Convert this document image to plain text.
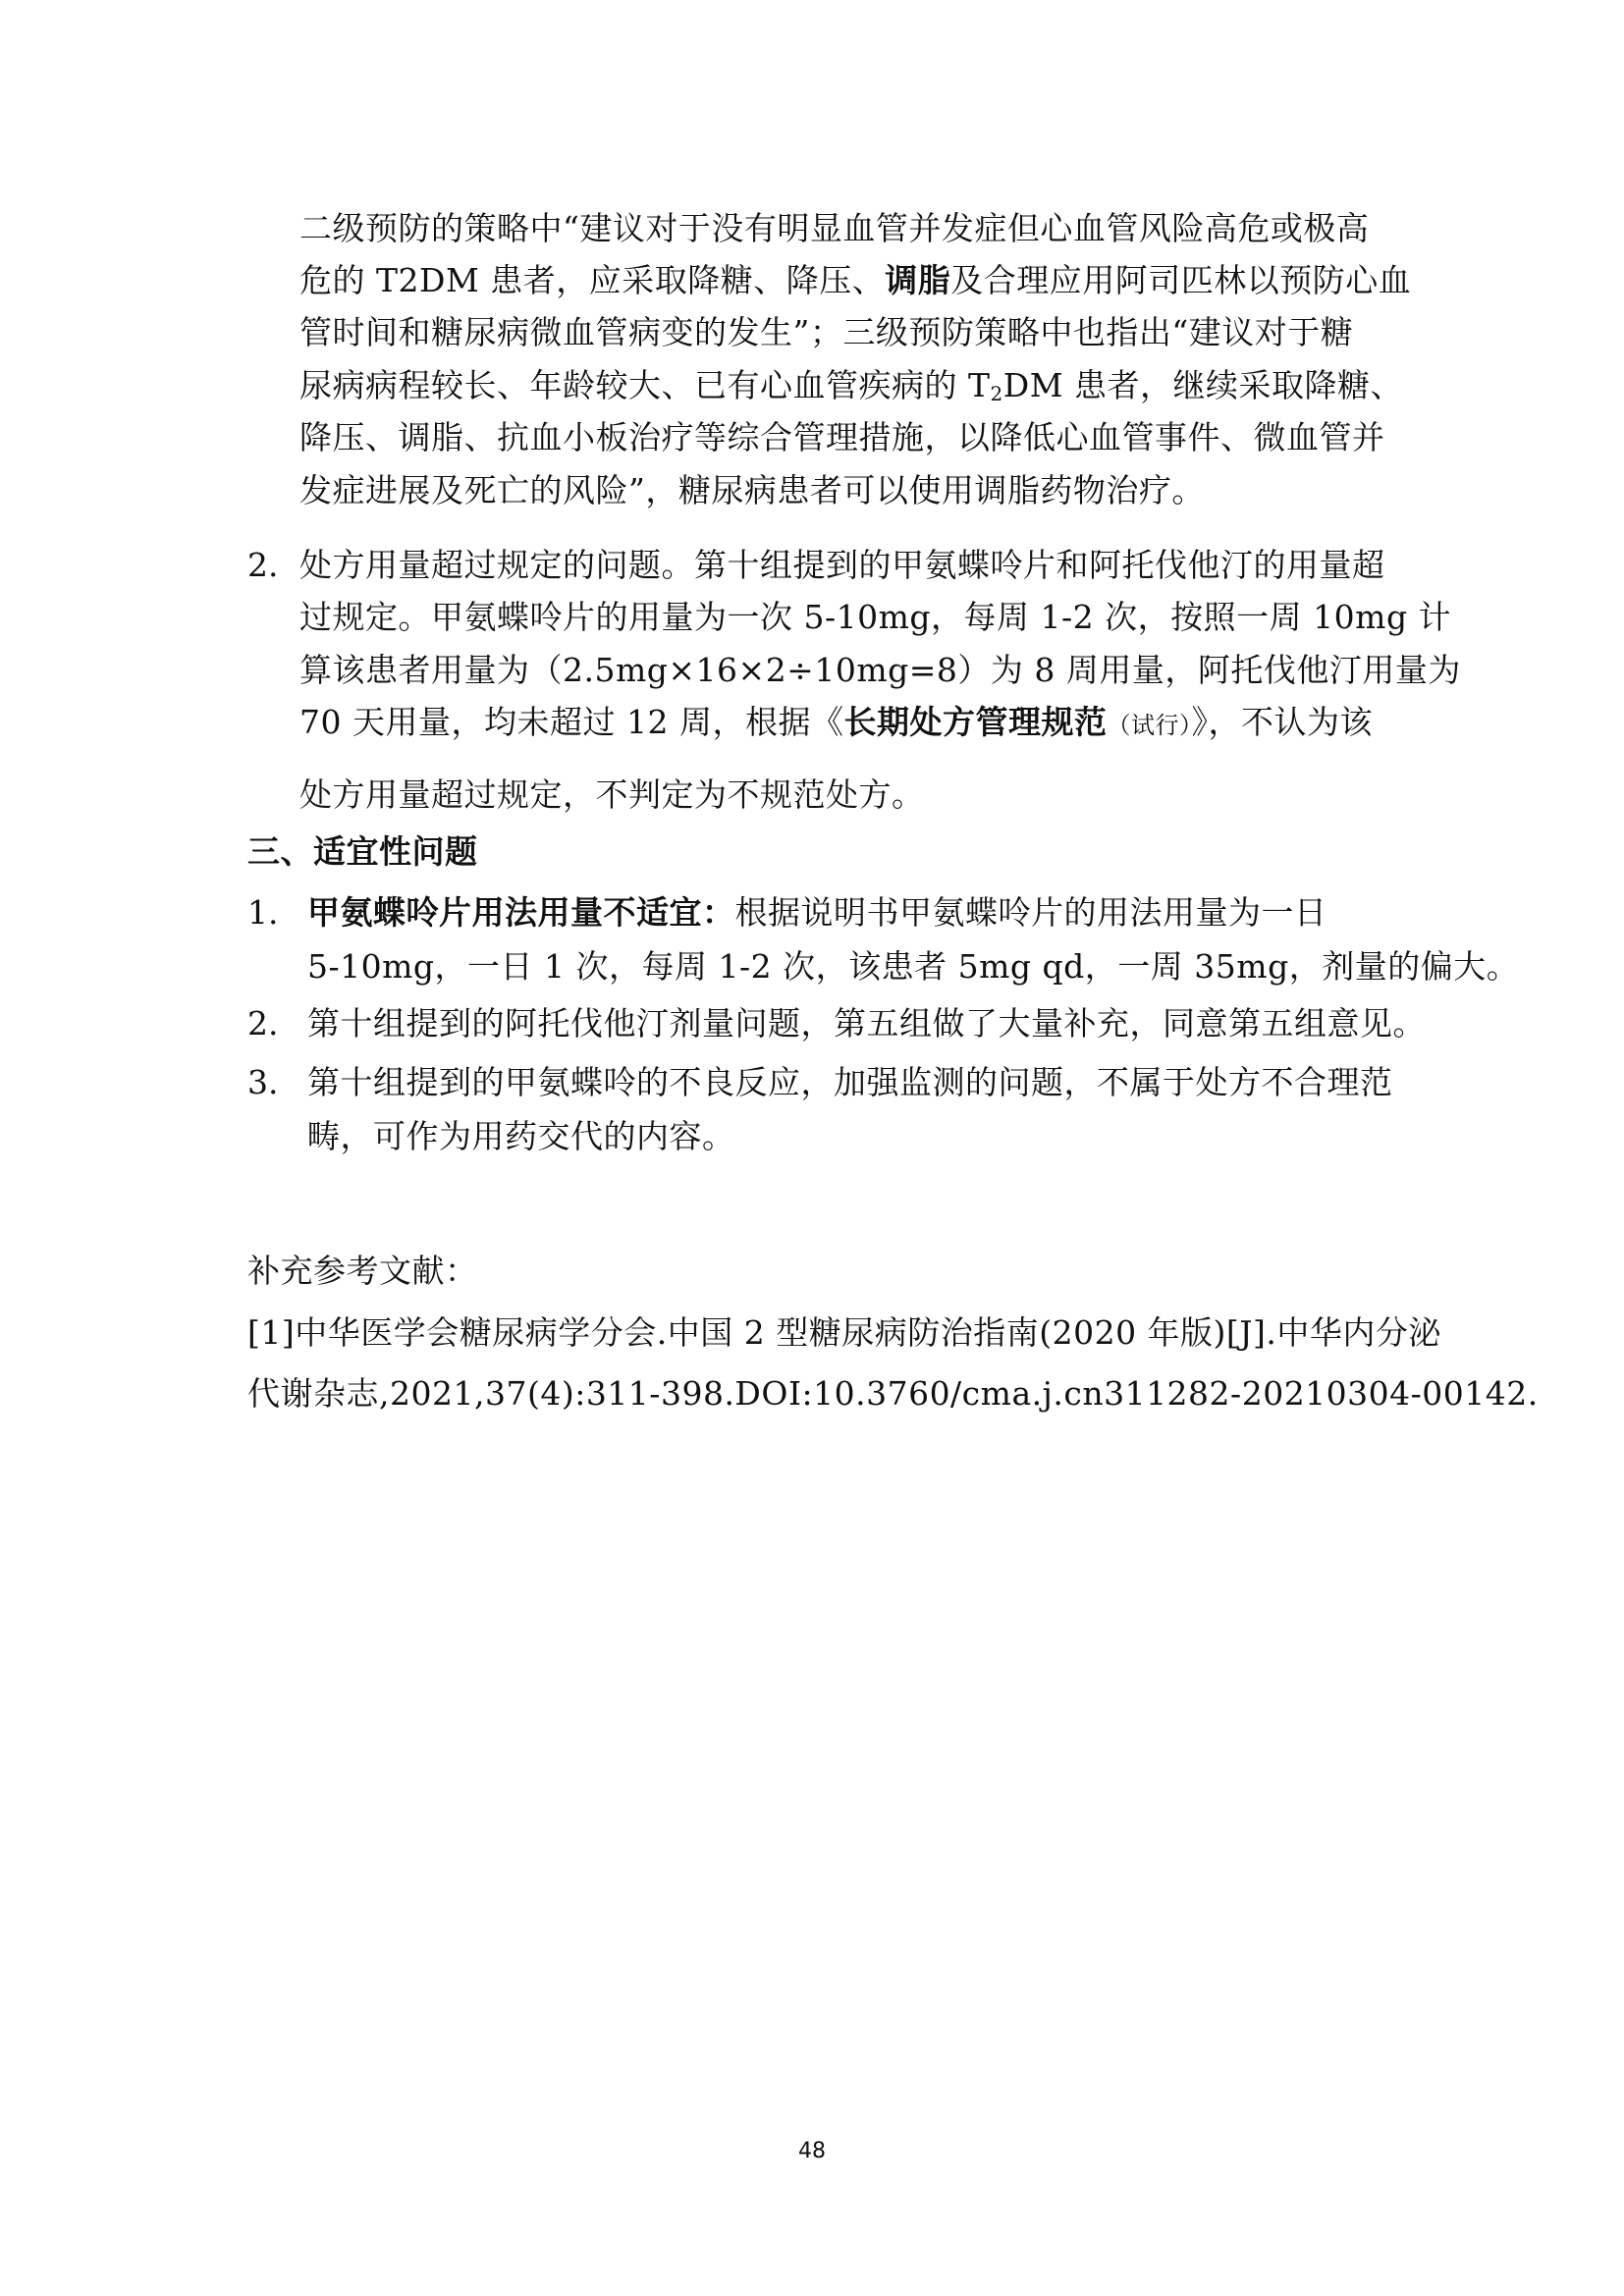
二级预防的策略中“建议对于没有明显血管并发症但心血管风险高危或极高
危的 T2DM 患者，应采取降糖、降压、调脂及合理应用阿司匹林以预防心血
管时间和糖尿病微血管病变的发生”；三级预防策略中也指出“建议对于糖
尿病病程较长、年龄较大、已有心血管疾病的 $T_2DM$ 患者，继续采取降糖、
降压、调脂、抗血小板治疗等综合管理措施，以降低心血管事件、微血管并
发症进展及死亡的风险”，糖尿病患者可以使用调脂药物治疗。
2. 处方用量超过规定的问题。第十组提到的甲氨蝶呤片和阿托伐他汀的用量超
过规定。甲氨蝶呤片的用量为一次 5-10mg，每周 1-2 次，按照一周 10mg 计
算该患者用量为（2.5mg×16×2÷10mg=8）为 8 周用量，阿托伐他汀用量为
70 天用量，均未超过 12 周，根据《长期处方管理规范（试行）》，不认为该
处方用量超过规定，不判定为不规范处方。
三、适宜性问题
1. 甲氨蝶呤片用法用量不适宜：根据说明书甲氨蝶呤片的用法用量为一日
5-10mg，一日 1 次，每周 1-2 次，该患者 5mg qd，一周 35mg，剂量的偏大。
2. 第十组提到的阿托伐他汀剂量问题，第五组做了大量补充，同意第五组意见。
3. 第十组提到的甲氨蝶呤的不良反应，加强监测的问题，不属于处方不合理范
畴，可作为用药交代的内容。
补充参考文献：
[1]中华医学会糖尿病学分会.中国 2 型糖尿病防治指南(2020 年版)[J].中华内分泌
代谢杂志,2021,37(4):311-398.DOI:10.3760/cma.j.cn311282-20210304-00142.
48
